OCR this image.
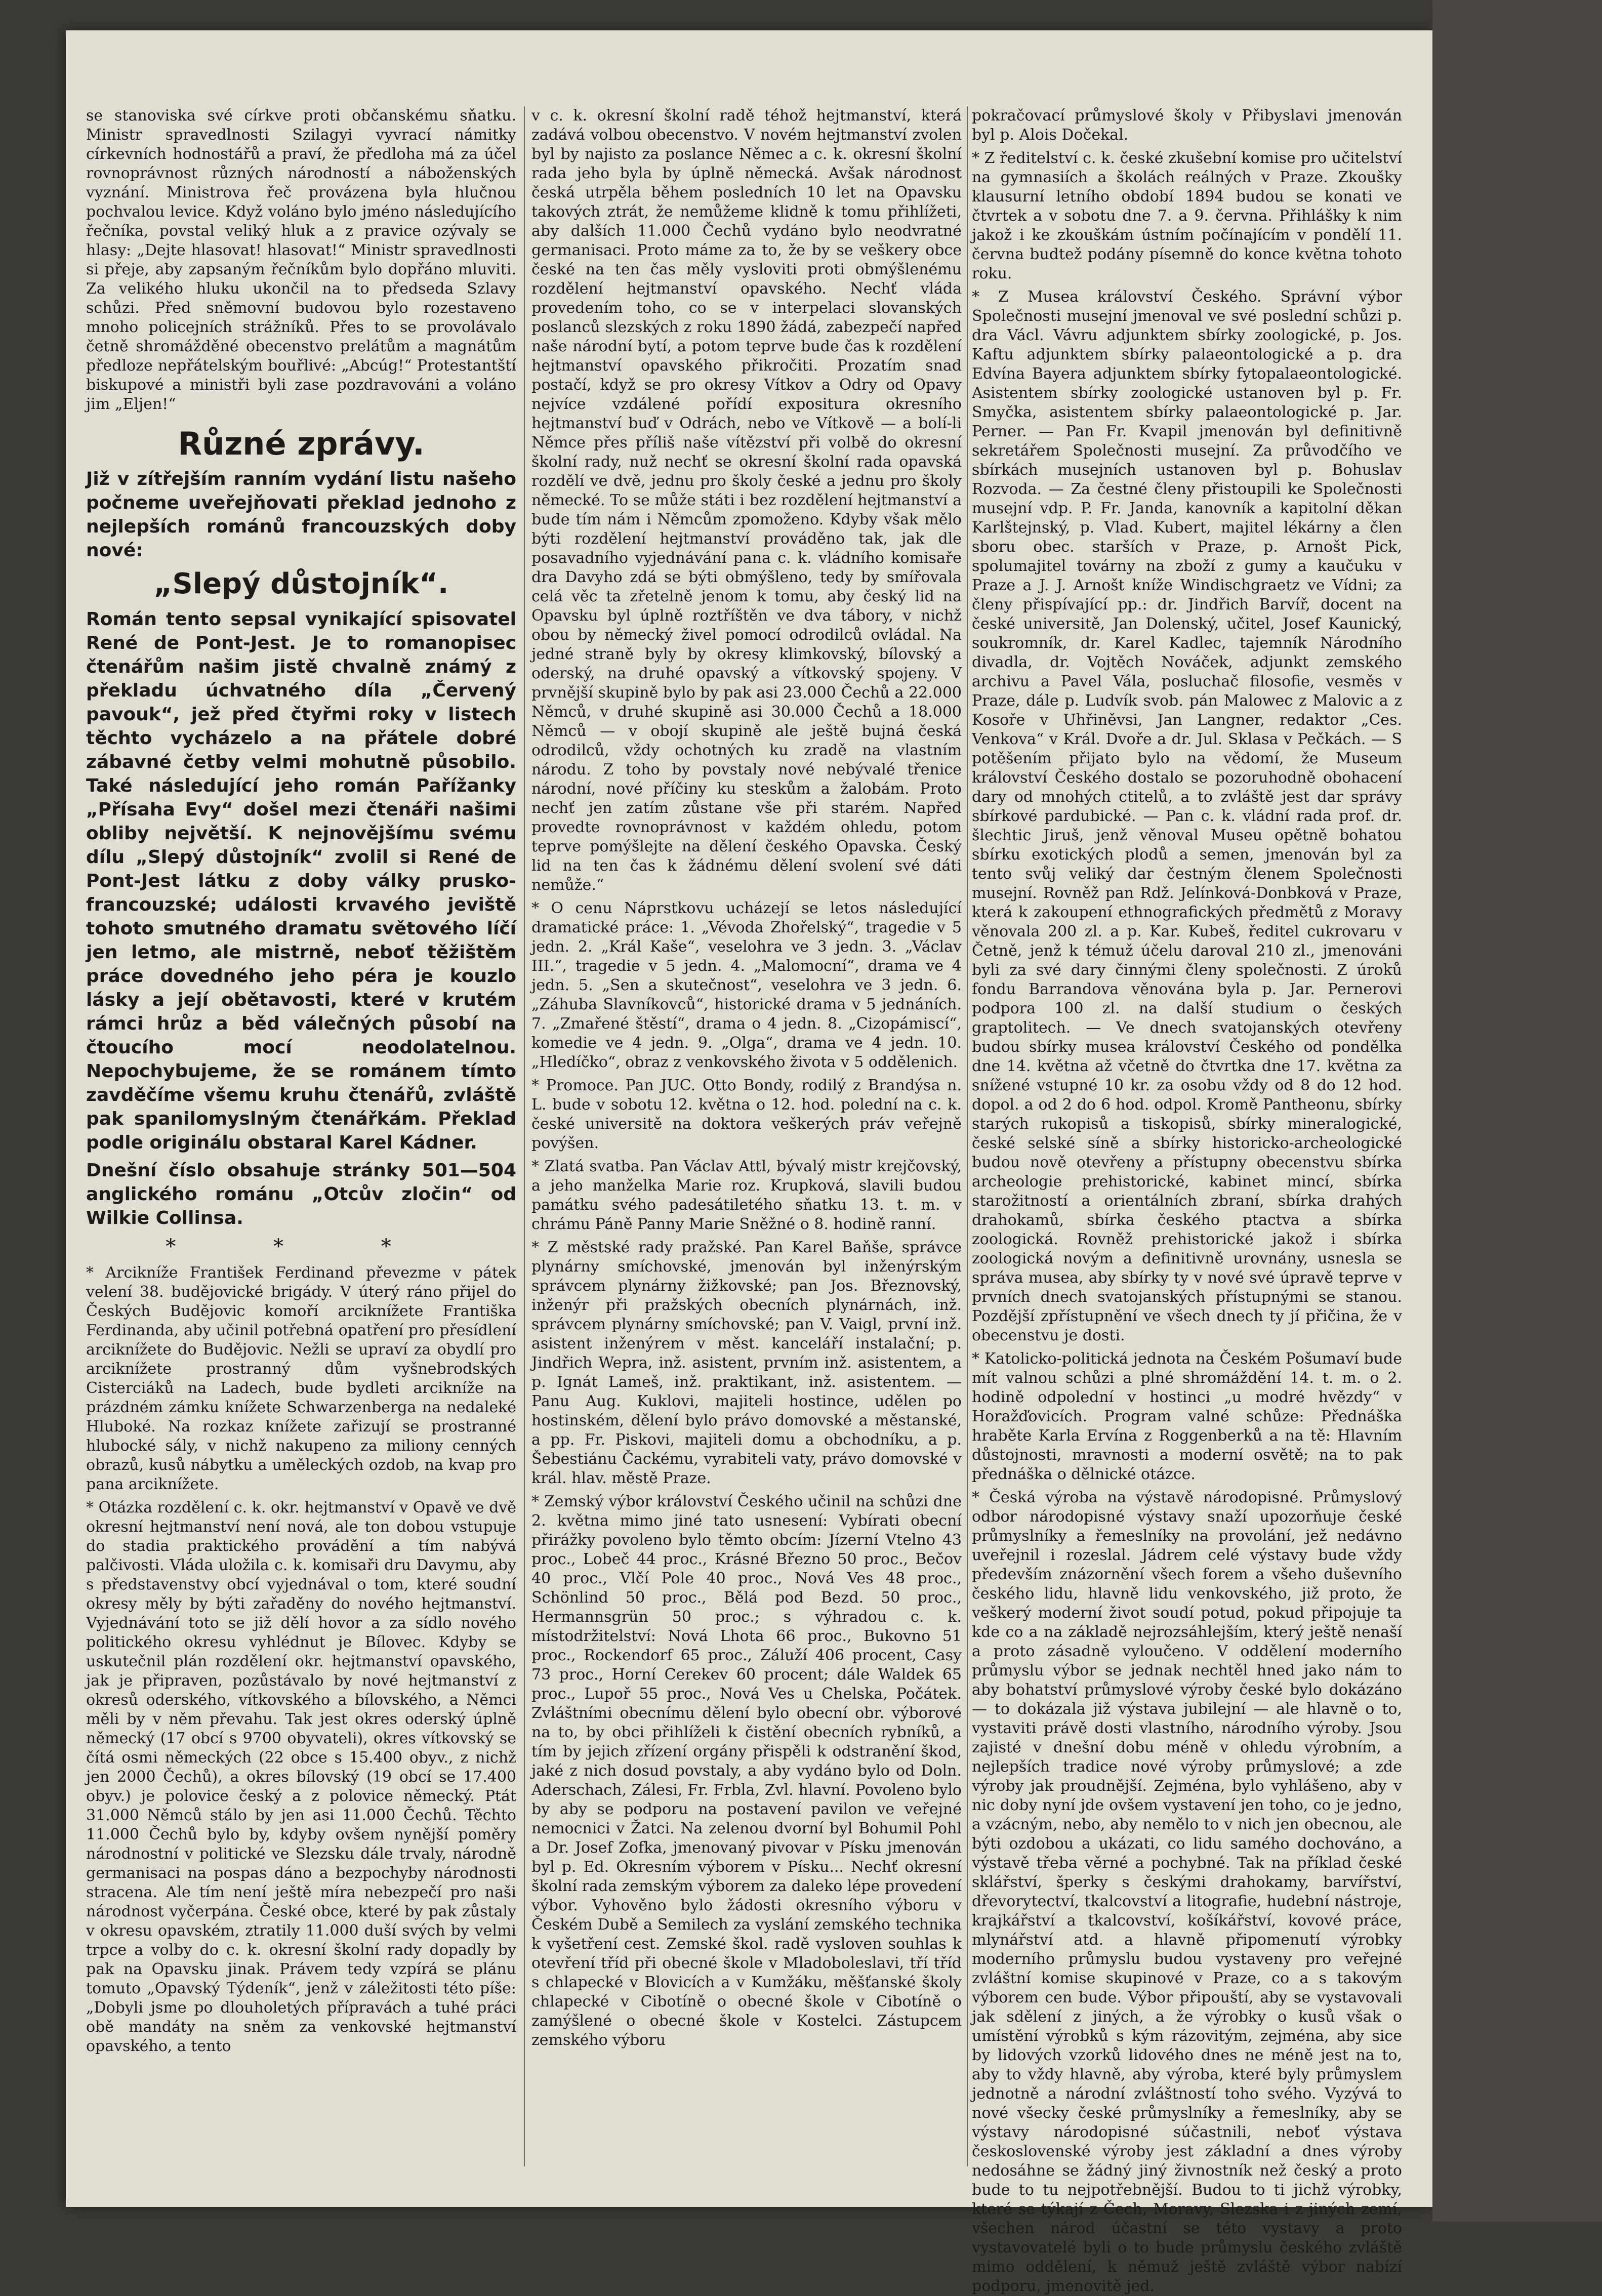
se stanoviska své církve proti občanskému sňatku. Ministr spravedlnosti Szilagyi vyvrací námitky církevních hodnostářů a praví, že předloha má za účel rovnoprávnost různých národností a náboženských vyznání. Ministrova řeč provázena byla hlučnou pochvalou levice. Když voláno bylo jméno následujícího řečníka, povstal veliký hluk a z pravice ozývaly se hlasy: „Dejte hlasovat! hlasovat!“ Ministr spravedlnosti si přeje, aby zapsaným řečníkům bylo dopřáno mluviti. Za velikého hluku ukončil na to předseda Szlavy schůzi. Před sněmovní budovou bylo rozestaveno mnoho policejních strážníků. Přes to se provolávalo četně shromážděné obecenstvo prelátům a magnátům předloze nepřátelským bouřlivé: „Abcúg!“ Protestantští biskupové a ministři byli zase pozdravováni a voláno jim „Eljen!“

Různé zprávy.

Již v zítřejším ranním vydání listu našeho počneme uveřejňovati překlad jednoho z nejlepších románů francouzských doby nové:

„Slepý důstojník“.

Román tento sepsal vynikající spisovatel René de Pont-Jest. Je to romanopisec čtenářům našim jistě chvalně známý z překladu úchvatného díla „Červený pavouk“, jež před čtyřmi roky v listech těchto vycházelo a na přátele dobré zábavné četby velmi mohutně působilo. Také následující jeho román Pařížanky „Přísaha Evy“ došel mezi čtenáři našimi obliby největší. K nejnovějšímu svému dílu „Slepý důstojník“ zvolil si René de Pont-Jest látku z doby války prusko-francouzské; události krvavého jeviště tohoto smutného dramatu světového líčí jen letmo, ale mistrně, neboť těžištěm práce dovedného jeho péra je kouzlo lásky a její obětavosti, které v krutém rámci hrůz a běd válečných působí na čtoucího mocí neodolatelnou. Nepochybujeme, že se románem tímto zavděčíme všemu kruhu čtenářů, zvláště pak spanilomyslným čtenářkám. Překlad podle originálu obstaral Karel Kádner.

Dnešní číslo obsahuje stránky 501—504 anglického románu „Otcův zločin“ od Wilkie Collinsa.

* * *

* Arcikníže František Ferdinand převezme v pátek velení 38. budějovické brigády. V úterý ráno přijel do Českých Budějovic komoří arciknížete Františka Ferdinanda, aby učinil potřebná opatření pro přesídlení arciknížete do Budějovic. Nežli se upraví za obydlí pro arciknížete prostranný dům vyšnebrodských Cisterciáků na Ladech, bude bydleti arcikníže na prázdném zámku knížete Schwarzenberga na nedaleké Hluboké. Na rozkaz knížete zařizují se prostranné hlubocké sály, v nichž nakupeno za miliony cenných obrazů, kusů nábytku a uměleckých ozdob, na kvap pro pana arciknížete.

* Otázka rozdělení c. k. okr. hejtmanství v Opavě ve dvě okresní hejtmanství není nová, ale ton dobou vstupuje do stadia praktického provádění a tím nabývá palčivosti. Vláda uložila c. k. komisaři dru Davymu, aby s představenstvy obcí vyjednával o tom, které soudní okresy měly by býti zařaděny do nového hejtmanství. Vyjednávání toto se již dělí hovor a za sídlo nového politického okresu vyhlédnut je Bílovec. Kdyby se uskutečnil plán rozdělení okr. hejtmanství opavského, jak je připraven, pozůstávalo by nové hejtmanství z okresů oderského, vítkovského a bílovského, a Němci měli by v něm převahu. Tak jest okres oderský úplně německý (17 obcí s 9700 obyvateli), okres vítkovský se čítá osmi německých (22 obce s 15.400 obyv., z nichž jen 2000 Čechů), a okres bílovský (19 obcí se 17.400 obyv.) je polovice český a z polovice německý. Ptát 31.000 Němců stálo by jen asi 11.000 Čechů. Těchto 11.000 Čechů bylo by, kdyby ovšem nynější poměry národnostní v politické ve Slezsku dále trvaly, národně germanisaci na pospas dáno a bezpochyby národnosti stracena. Ale tím není ještě míra nebezpečí pro naši národnost vyčerpána. České obce, které by pak zůstaly v okresu opavském, ztratily 11.000 duší svých by velmi trpce a volby do c. k. okresní školní rady dopadly by pak na Opavsku jinak. Právem tedy vzpírá se plánu tomuto „Opavský Týdeník“, jenž v záležitosti této píše: „Dobyli jsme po dlouholetých přípravách a tuhé práci obě mandáty na sněm za venkovské hejtmanství opavského, a tento

v c. k. okresní školní radě téhož hejtmanství, která zadává volbou obecenstvo. V novém hejtmanství zvolen byl by najisto za poslance Němec a c. k. okresní školní rada jeho byla by úplně německá. Avšak národnost česká utrpěla během posledních 10 let na Opavsku takových ztrát, že nemůžeme klidně k tomu přihlížeti, aby dalších 11.000 Čechů vydáno bylo neodvratné germanisaci. Proto máme za to, že by se veškery obce české na ten čas měly vysloviti proti obmýšlenému rozdělení hejtmanství opavského. Nechť vláda provedením toho, co se v interpelaci slovanských poslanců slezských z roku 1890 žádá, zabezpečí napřed naše národní bytí, a potom teprve bude čas k rozdělení hejtmanství opavského přikročiti. Prozatím snad postačí, když se pro okresy Vítkov a Odry od Opavy nejvíce vzdálené pořídí expositura okresního hejtmanství buď v Odrách, nebo ve Vítkově — a bolí-li Němce přes příliš naše vítězství při volbě do okresní školní rady, nuž nechť se okresní školní rada opavská rozdělí ve dvě, jednu pro školy české a jednu pro školy německé. To se může státi i bez rozdělení hejtmanství a bude tím nám i Němcům zpomoženo. Kdyby však mělo býti rozdělení hejtmanství prováděno tak, jak dle posavadního vyjednávání pana c. k. vládního komisaře dra Davyho zdá se býti obmýšleno, tedy by smířovala celá věc ta zřetelně jenom k tomu, aby český lid na Opavsku byl úplně roztříštěn ve dva tábory, v nichž obou by německý živel pomocí odrodilců ovládal. Na jedné straně byly by okresy klimkovský, bílovský a oderský, na druhé opavský a vítkovský spojeny. V prvnější skupině bylo by pak asi 23.000 Čechů a 22.000 Němců, v druhé skupině asi 30.000 Čechů a 18.000 Němců — v obojí skupině ale ještě bujná česká odrodilců, vždy ochotných ku zradě na vlastním národu. Z toho by povstaly nové nebývalé třenice národní, nové příčiny ku steskům a žalobám. Proto nechť jen zatím zůstane vše při starém. Napřed provedte rovnoprávnost v každém ohledu, potom teprve pomýšlejte na dělení českého Opavska. Český lid na ten čas k žádnému dělení svolení své dáti nemůže.“

* O cenu Náprstkovu ucházejí se letos následující dramatické práce: 1. „Vévoda Zhořelský“, tragedie v 5 jedn. 2. „Král Kaše“, veselohra ve 3 jedn. 3. „Václav III.“, tragedie v 5 jedn. 4. „Malomocní“, drama ve 4 jedn. 5. „Sen a skutečnost“, veselohra ve 3 jedn. 6. „Záhuba Slavníkovců“, historické drama v 5 jednáních. 7. „Zmařené štěstí“, drama o 4 jedn. 8. „Cizopámiscí“, komedie ve 4 jedn. 9. „Olga“, drama ve 4 jedn. 10. „Hledíčko“, obraz z venkovského života v 5 oddělenich.

* Promoce. Pan JUC. Otto Bondy, rodilý z Brandýsa n. L. bude v sobotu 12. května o 12. hod. polední na c. k. české universitě na doktora veškerých práv veřejně povýšen.

* Zlatá svatba. Pan Václav Attl, bývalý mistr krejčovský, a jeho manželka Marie roz. Krupková, slavili budou památku svého padesátiletého sňatku 13. t. m. v chrámu Páně Panny Marie Sněžné o 8. hodině ranní.

* Z městské rady pražské. Pan Karel Baňše, správce plynárny smíchovské, jmenován byl inženýrským správcem plynárny žižkovské; pan Jos. Březnovský, inženýr při pražských obecních plynárnách, inž. správcem plynárny smíchovské; pan V. Vaigl, první inž. asistent inženýrem v měst. kanceláří instalační; p. Jindřich Wepra, inž. asistent, prvním inž. asistentem, a p. Ignát Lameš, inž. praktikant, inž. asistentem. — Panu Aug. Kuklovi, majiteli hostince, udělen po hostinském, dělení bylo právo domovské a městanské, a pp. Fr. Piskovi, majiteli domu a obchodníku, a p. Šebestiánu Čackému, vyrabiteli vaty, právo domovské v král. hlav. městě Praze.

* Zemský výbor království Českého učinil na schůzi dne 2. května mimo jiné tato usnesení: Vybírati obecní přirážky povoleno bylo těmto obcím: Jízerní Vtelno 43 proc., Lobeč 44 proc., Krásné Březno 50 proc., Bečov 40 proc., Vlčí Pole 40 proc., Nová Ves 48 proc., Schönlind 50 proc., Bělá pod Bezd. 50 proc., Hermannsgrün 50 proc.; s výhradou c. k. místodržitelství: Nová Lhota 66 proc., Bukovno 51 proc., Rockendorf 65 proc., Záluží 406 procent, Casy 73 proc., Horní Cerekev 60 procent; dále Waldek 65 proc., Lupoř 55 proc., Nová Ves u Chelska, Počátek. Zvláštními obecnímu dělení bylo obecní obr. výborové na to, by obci přihlíželi k čistění obecních rybníků, a tím by jejich zřízení orgány přispěli k odstranění škod, jaké z nich dosud povstaly, a aby vydáno bylo od Doln. Aderschach, Zálesi, Fr. Frbla, Zvl. hlavní. Povoleno bylo by aby se podporu na postavení pavilon ve veřejné nemocnici v Žatci. Na zelenou dvorní byl Bohumil Pohl a Dr. Josef Zofka, jmenovaný pivovar v Písku jmenován byl p. Ed. Okresním výborem v Písku... Nechť okresní školní rada zemským výborem za daleko lépe provedení výbor. Vyhověno bylo žádosti okresního výboru v Českém Dubě a Semilech za vyslání zemského technika k vyšetření cest. Zemské škol. radě vysloven souhlas k otevření tříd při obecné škole v Mladoboleslavi, tří tříd s chlapecké v Blovicích a v Kumžáku, měšťanské školy chlapecké v Cibotíně o obecné škole v Cibotíně o zamýšlené o obecné škole v Kostelci. Zástupcem zemského výboru

pokračovací průmyslové školy v Přibyslavi jmenován byl p. Alois Dočekal.

* Z ředitelství c. k. české zkušební komise pro učitelství na gymnasiích a školách reálných v Praze. Zkoušky klausurní letního období 1894 budou se konati ve čtvrtek a v sobotu dne 7. a 9. června. Přihlášky k nim jakož i ke zkouškám ústním počínajícím v pondělí 11. června budtež podány písemně do konce května tohoto roku.

* Z Musea království Českého. Správní výbor Společnosti musejní jmenoval ve své poslední schůzi p. dra Václ. Vávru adjunktem sbírky zoologické, p. Jos. Kaftu adjunktem sbírky palaeontologické a p. dra Edvína Bayera adjunktem sbírky fytopalaeontologické. Asistentem sbírky zoologické ustanoven byl p. Fr. Smyčka, asistentem sbírky palaeontologické p. Jar. Perner. — Pan Fr. Kvapil jmenován byl definitivně sekretářem Společnosti musejní. Za průvodčího ve sbírkách musejních ustanoven byl p. Bohuslav Rozvoda. — Za čestné členy přistoupili ke Společnosti musejní vdp. P. Fr. Janda, kanovník a kapitolní děkan Karlštejnský, p. Vlad. Kubert, majitel lékárny a člen sboru obec. starších v Praze, p. Arnošt Pick, spolumajitel továrny na zboží z gumy a kaučuku v Praze a J. J. Arnošt kníže Windischgraetz ve Vídni; za členy přispívající pp.: dr. Jindřich Barvíř, docent na české universitě, Jan Dolenský, učitel, Josef Kaunický, soukromník, dr. Karel Kadlec, tajemník Národního divadla, dr. Vojtěch Nováček, adjunkt zemského archivu a Pavel Vála, posluchač filosofie, vesměs v Praze, dále p. Ludvík svob. pán Malowec z Malovic a z Kosoře v Uhřiněvsi, Jan Langner, redaktor „Ces. Venkova“ v Král. Dvoře a dr. Jul. Sklasa v Pečkách. — S potěšením přijato bylo na vědomí, že Museum království Českého dostalo se pozoruhodně obohacení dary od mnohých ctitelů, a to zvláště jest dar správy sbírkové pardubické. — Pan c. k. vládní rada prof. dr. šlechtic Jiruš, jenž věnoval Museu opětně bohatou sbírku exotických plodů a semen, jmenován byl za tento svůj veliký dar čestným členem Společnosti musejní. Rovněž pan Rdž. Jelínková-Donbková v Praze, která k zakoupení ethnografických předmětů z Moravy věnovala 200 zl. a p. Kar. Kubeš, ředitel cukrovaru v Četně, jenž k témuž účelu daroval 210 zl., jmenováni byli za své dary činnými členy společnosti. Z úroků fondu Barrandova věnována byla p. Jar. Pernerovi podpora 100 zl. na další studium o českých graptolitech. — Ve dnech svatojanských otevřeny budou sbírky musea království Českého od pondělka dne 14. května až včetně do čtvrtka dne 17. května za snížené vstupné 10 kr. za osobu vždy od 8 do 12 hod. dopol. a od 2 do 6 hod. odpol. Kromě Pantheonu, sbírky starých rukopisů a tiskopisů, sbírky mineralogické, české selské síně a sbírky historicko-archeologické budou nově otevřeny a přístupny obecenstvu sbírka archeologie prehistorické, kabinet mincí, sbírka starožitností a orientálních zbraní, sbírka drahých drahokamů, sbírka českého ptactva a sbírka zoologická. Rovněž prehistorické jakož i sbírka zoologická novým a definitivně urovnány, usnesla se správa musea, aby sbírky ty v nové své úpravě teprve v prvních dnech svatojanských přístupnými se stanou. Pozdější zpřístupnění ve všech dnech ty jí přičina, že v obecenstvu je dosti.

* Katolicko-politická jednota na Českém Pošumaví bude mít valnou schůzi a plné shromáždění 14. t. m. o 2. hodině odpolední v hostinci „u modré hvězdy“ v Horažďovicích. Program valné schůze: Přednáška hraběte Karla Ervína z Roggenberků a na tě: Hlavním důstojnosti, mravnosti a moderní osvětě; na to pak přednáška o dělnické otázce.

* Česká výroba na výstavě národopisné. Průmyslový odbor národopisné výstavy snaží upozorňuje české průmyslníky a řemeslníky na provolání, jež nedávno uveřejnil i rozeslal. Jádrem celé výstavy bude vždy především znázornění všech forem a všeho duševního českého lidu, hlavně lidu venkovského, již proto, že veškerý moderní život soudí potud, pokud připojuje ta kde co a na základě nejrozsáhlejším, který ještě nenaší a proto zásadně vyloučeno. V oddělení moderního průmyslu výbor se jednak nechtěl hned jako nám to aby bohatství průmyslové výroby české bylo dokázáno — to dokázala již výstava jubilejní — ale hlavně o to, vystaviti právě dosti vlastního, národního výroby. Jsou zajisté v dnešní dobu méně v ohledu výrobním, a nejlepších tradice nové výroby průmyslové; a zde výroby jak proudnější. Zejména, bylo vyhlášeno, aby v nic doby nyní jde ovšem vystavení jen toho, co je jedno, a vzácným, nebo, aby nemělo to v nich jen obecnou, ale býti ozdobou a ukázati, co lidu samého dochováno, a výstavě třeba věrné a pochybné. Tak na příklad české sklářství, šperky s českými drahokamy, barvířství, dřevorytectví, tkalcovství a litografie, hudební nástroje, krajkářství a tkalcovství, košíkářství, kovové práce, mlynářství atd. a hlavně připomenutí výrobky moderního průmyslu budou vystaveny pro veřejné zvláštní komise skupinové v Praze, co a s takovým výborem cen bude. Výbor připouští, aby se vystavovali jak sdělení z jiných, a že výrobky o kusů však o umístění výrobků s kým rázovitým, zejména, aby sice by lidových vzorků lidového dnes ne méně jest na to, aby to vždy hlavně, aby výroba, které byly průmyslem jednotně a národní zvláštností toho svého. Vyzývá to nové všecky české průmyslníky a řemeslníky, aby se výstavy národopisné súčastnili, neboť výstava československé výroby jest základní a dnes výroby nedosáhne se žádný jiný živnostník než český a proto bude to tu nejpotřebnější. Budou to ti jichž výrobky, které se týkají z Čech, Moravy, Slezska i z jiných zemí, všechen národ účastní se této vystavy a proto vystavovatelé byli o to bude průmyslu českého zvláště mimo oddělení, k němuž ještě zvláště výbor nabízí podporu, jmenovitě jed.
